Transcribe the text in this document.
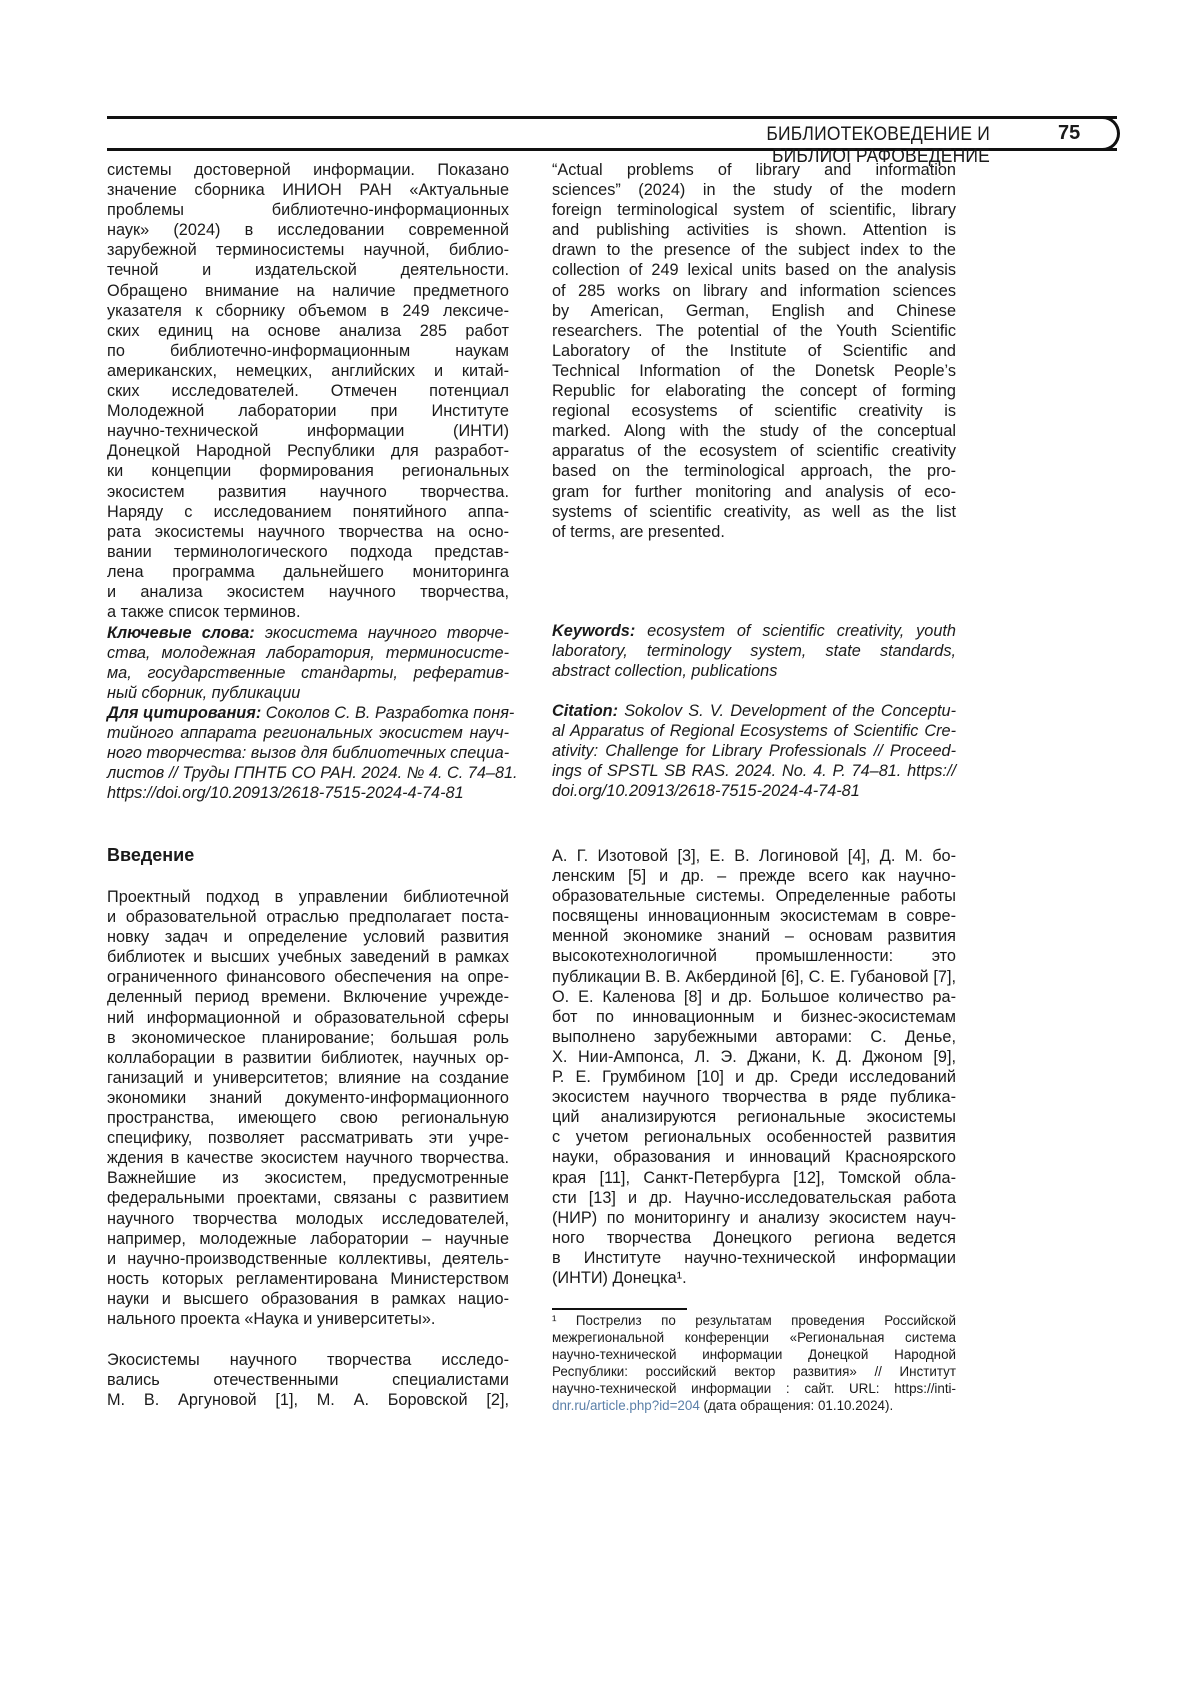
БИБЛИОТЕКОВЕДЕНИЕ И БИБЛИОГРАФОВЕДЕНИЕ
75
системы достоверной информации. Показано
значение сборника ИНИОН РАН «Актуальные
проблемы библиотечно-информационных
наук» (2024) в исследовании современной
зарубежной терминосистемы научной, библио-
течной и издательской деятельности.
Обращено внимание на наличие предметного
указателя к сборнику объемом в 249 лексиче-
ских единиц на основе анализа 285 работ
по библиотечно-информационным наукам
американских, немецких, английских и китай-
ских исследователей. Отмечен потенциал
Молодежной лаборатории при Институте
научно-технической информации (ИНТИ)
Донецкой Народной Республики для разработ-
ки концепции формирования региональных
экосистем развития научного творчества.
Наряду с исследованием понятийного аппа-
рата экосистемы научного творчества на осно-
вании терминологического подхода представ-
лена программа дальнейшего мониторинга
и анализа экосистем научного творчества,
а также список терминов.
Ключевые слова: экосистема научного творче-
ства, молодежная лаборатория, терминосисте-
ма, государственные стандарты, рефератив-
ный сборник, публикации
Для цитирования: Соколов С. В. Разработка поня-
тийного аппарата региональных экосистем науч-
ного творчества: вызов для библиотечных специа-
листов // Труды ГПНТБ СО РАН. 2024. № 4. С. 74–81.
https://doi.org/10.20913/2618-7515-2024-4-74-81
“Actual problems of library and information
sciences” (2024) in the study of the modern
foreign terminological system of scientific, library
and publishing activities is shown. Attention is
drawn to the presence of the subject index to the
collection of 249 lexical units based on the analysis
of 285 works on library and information sciences
by American, German, English and Chinese
researchers. The potential of the Youth Scientific
Laboratory of the Institute of Scientific and
Technical Information of the Donetsk People’s
Republic for elaborating the concept of forming
regional ecosystems of scientific creativity is
marked. Along with the study of the conceptual
apparatus of the ecosystem of scientific creativity
based on the terminological approach, the pro-
gram for further monitoring and analysis of eco-
systems of scientific creativity, as well as the list
of terms, are presented.
Keywords: ecosystem of scientific creativity, youth
laboratory, terminology system, state standards,
abstract collection, publications
Citation: Sokolov S. V. Development of the Conceptu-
al Apparatus of Regional Ecosystems of Scientific Cre-
ativity: Challenge for Library Professionals // Proceed-
ings of SPSTL SB RAS. 2024. No. 4. P. 74–81. https://
doi.org/10.20913/2618-7515-2024-4-74-81
Введение
Проектный подход в управлении библиотечной
и образовательной отраслью предполагает поста-
новку задач и определение условий развития
библиотек и высших учебных заведений в рамках
ограниченного финансового обеспечения на опре-
деленный период времени. Включение учрежде-
ний информационной и образовательной сферы
в экономическое планирование; большая роль
коллаборации в развитии библиотек, научных ор-
ганизаций и университетов; влияние на создание
экономики знаний документо-информационного
пространства, имеющего свою региональную
специфику, позволяет рассматривать эти учре-
ждения в качестве экосистем научного творчества.
Важнейшие из экосистем, предусмотренные
федеральными проектами, связаны с развитием
научного творчества молодых исследователей,
например, молодежные лаборатории – научные
и научно-производственные коллективы, деятель-
ность которых регламентирована Министерством
науки и высшего образования в рамках нацио-
нального проекта «Наука и университеты».
Экосистемы научного творчества исследо-
вались отечественными специалистами
М. В. Аргуновой [1], М. А. Боровской [2],
А. Г. Изотовой [3], Е. В. Логиновой [4], Д. М. бо-
ленским [5] и др. – прежде всего как научно-
образовательные системы. Определенные работы
посвящены инновационным экосистемам в совре-
менной экономике знаний – основам развития
высокотехнологичной промышленности: это
публикации В. В. Акбердиной [6], С. Е. Губановой [7],
О. Е. Каленова [8] и др. Большое количество ра-
бот по инновационным и бизнес-экосистемам
выполнено зарубежными авторами: С. Денье,
Х. Нии-Ампонса, Л. Э. Джани, К. Д. Джоном [9],
Р. Е. Грумбином [10] и др. Среди исследований
экосистем научного творчества в ряде публика-
ций анализируются региональные экосистемы
с учетом региональных особенностей развития
науки, образования и инноваций Красноярского
края [11], Санкт-Петербурга [12], Томской обла-
сти [13] и др. Научно-исследовательская работа
(НИР) по мониторингу и анализу экосистем науч-
ного творчества Донецкого региона ведется
в Институте научно-технической информации
(ИНТИ) Донецка¹.
¹ Пострелиз по результатам проведения Российской
межрегиональной конференции «Региональная система
научно-технической информации Донецкой Народной
Республики: российский вектор развития» // Институт
научно-технической информации : сайт. URL: https://inti-
dnr.ru/article.php?id=204 (дата обращения: 01.10.2024).
